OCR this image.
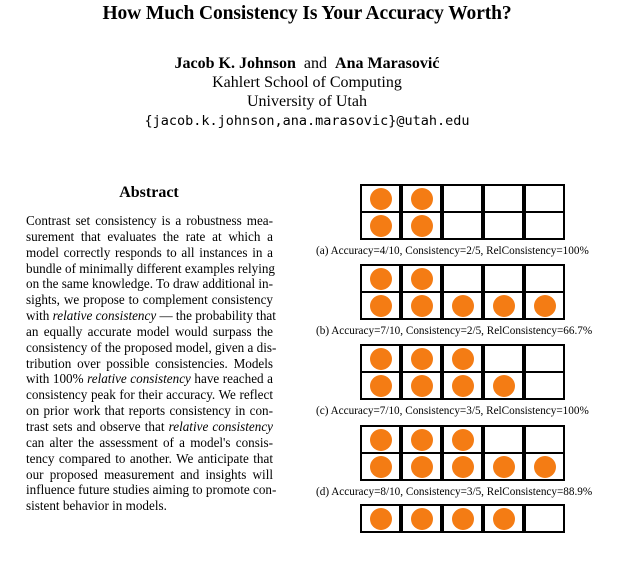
How Much Consistency Is Your Accuracy Worth?
Jacob K. Johnson and Ana Marasović
Kahlert School of Computing
University of Utah
{jacob.k.johnson,ana.marasovic}@utah.edu
Abstract
Contrast set consistency is a robustness mea-
surement that evaluates the rate at which a
model correctly responds to all instances in a
bundle of minimally different examples relying
on the same knowledge. To draw additional in-
sights, we propose to complement consistency
with relative consistency — the probability that
an equally accurate model would surpass the
consistency of the proposed model, given a dis-
tribution over possible consistencies. Models
with 100% relative consistency have reached a
consistency peak for their accuracy. We reflect
on prior work that reports consistency in con-
trast sets and observe that relative consistency
can alter the assessment of a model's consis-
tency compared to another. We anticipate that
our proposed measurement and insights will
influence future studies aiming to promote con-
sistent behavior in models.
(a) Accuracy=4/10, Consistency=2/5, RelConsistency=100%
(b) Accuracy=7/10, Consistency=2/5, RelConsistency=66.7%
(c) Accuracy=7/10, Consistency=3/5, RelConsistency=100%
(d) Accuracy=8/10, Consistency=3/5, RelConsistency=88.9%
